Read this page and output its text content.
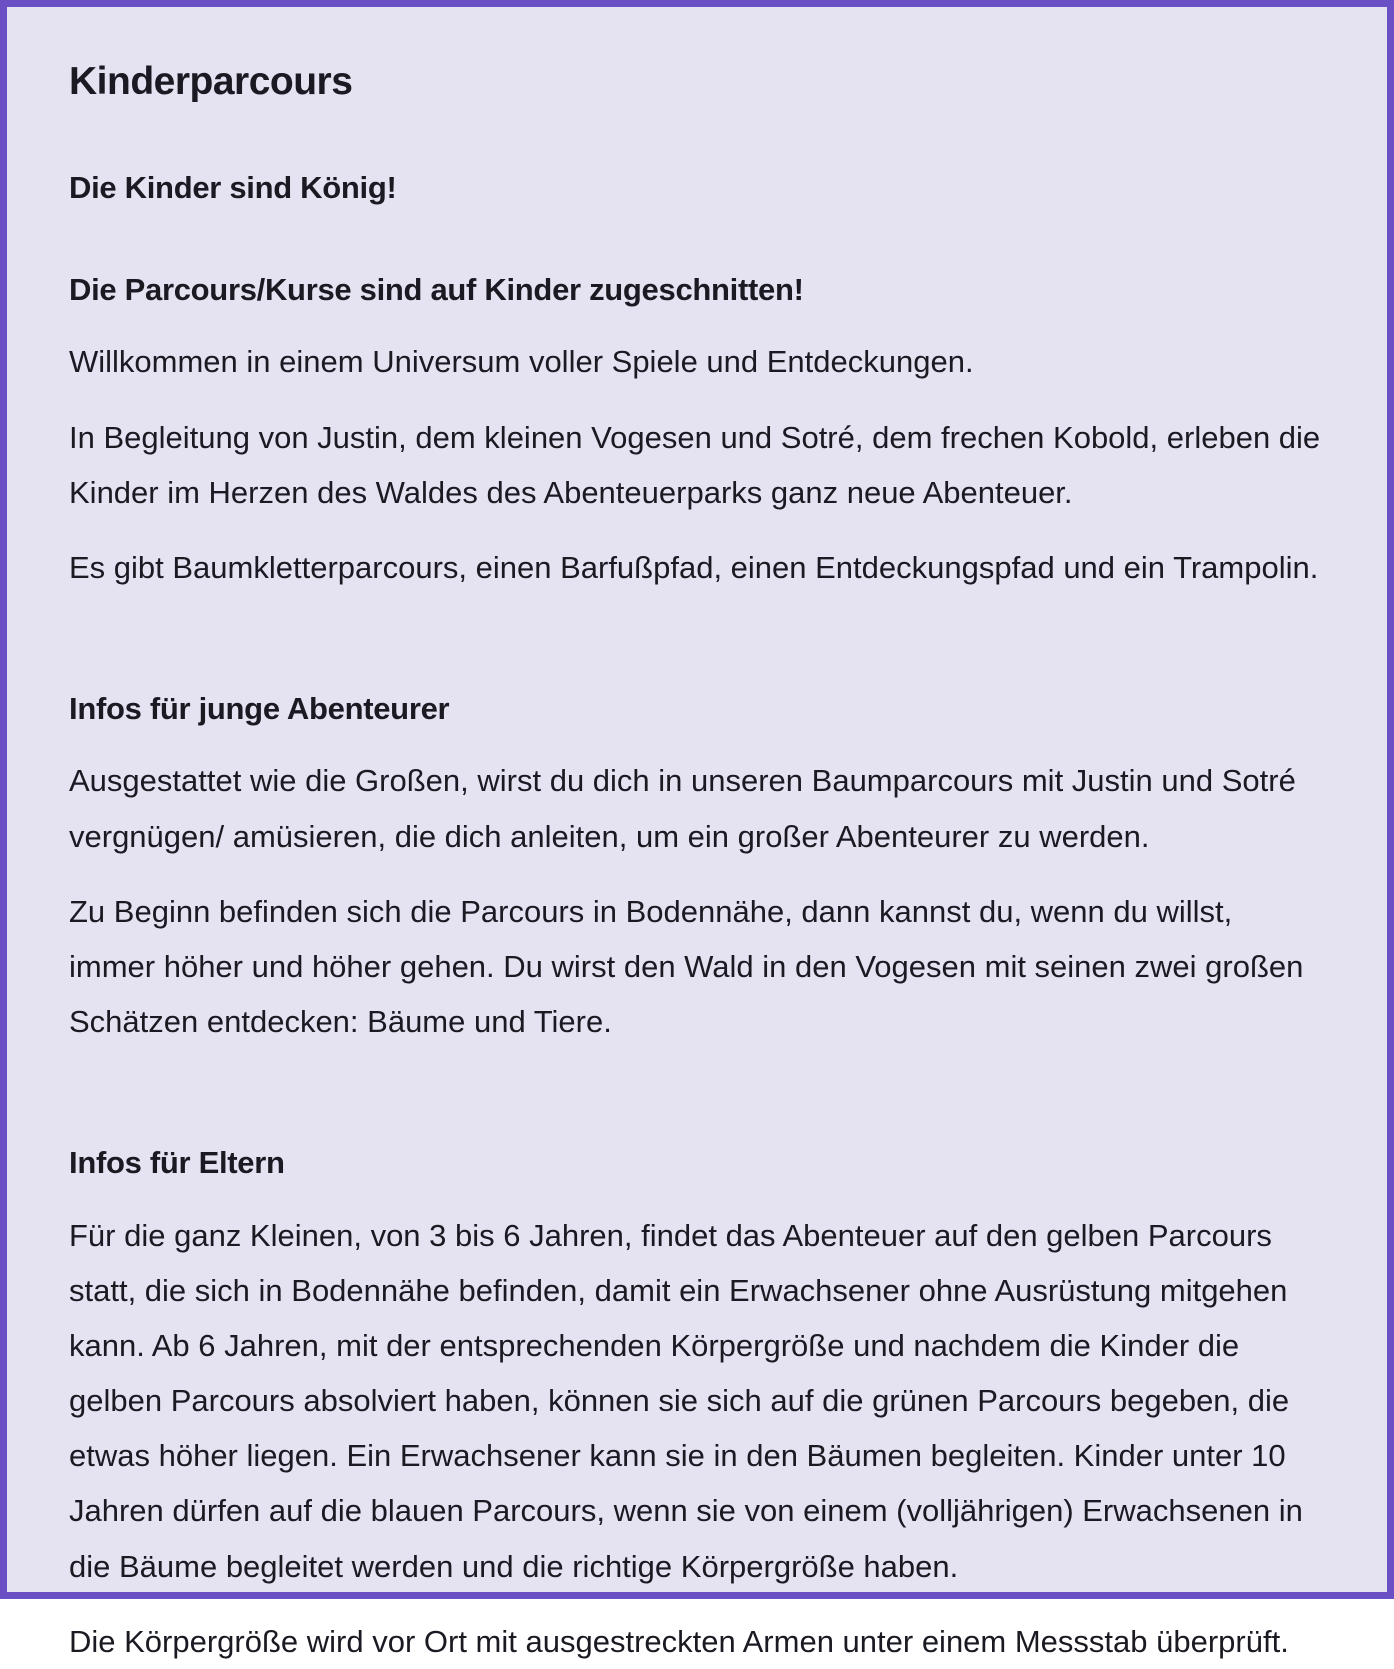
Kinderparcours
Die Kinder sind König!
Die Parcours/Kurse sind auf Kinder zugeschnitten!

Willkommen in einem Universum voller Spiele und Entdeckungen.

In Begleitung von Justin, dem kleinen Vogesen und Sotré, dem frechen Kobold, erleben die Kinder im Herzen des Waldes des Abenteuerparks ganz neue Abenteuer.

Es gibt Baumkletterparcours, einen Barfußpfad, einen Entdeckungspfad und ein Trampolin.

Infos für junge Abenteurer

Ausgestattet wie die Großen, wirst du dich in unseren Baumparcours mit Justin und Sotré vergnügen/ amüsieren, die dich anleiten, um ein großer Abenteurer zu werden.

Zu Beginn befinden sich die Parcours in Bodennähe, dann kannst du, wenn du willst, immer höher und höher gehen. Du wirst den Wald in den Vogesen mit seinen zwei großen Schätzen entdecken: Bäume und Tiere.

Infos für Eltern

Für die ganz Kleinen, von 3 bis 6 Jahren, findet das Abenteuer auf den gelben Parcours statt, die sich in Bodennähe befinden, damit ein Erwachsener ohne Ausrüstung mitgehen kann. Ab 6 Jahren, mit der entsprechenden Körpergröße und nachdem die Kinder die gelben Parcours absolviert haben, können sie sich auf die grünen Parcours begeben, die etwas höher liegen. Ein Erwachsener kann sie in den Bäumen begleiten. Kinder unter 10 Jahren dürfen auf die blauen Parcours, wenn sie von einem (volljährigen) Erwachsenen in die Bäume begleitet werden und die richtige Körpergröße haben.

Die Körpergröße wird vor Ort mit ausgestreckten Armen unter einem Messstab überprüft.
